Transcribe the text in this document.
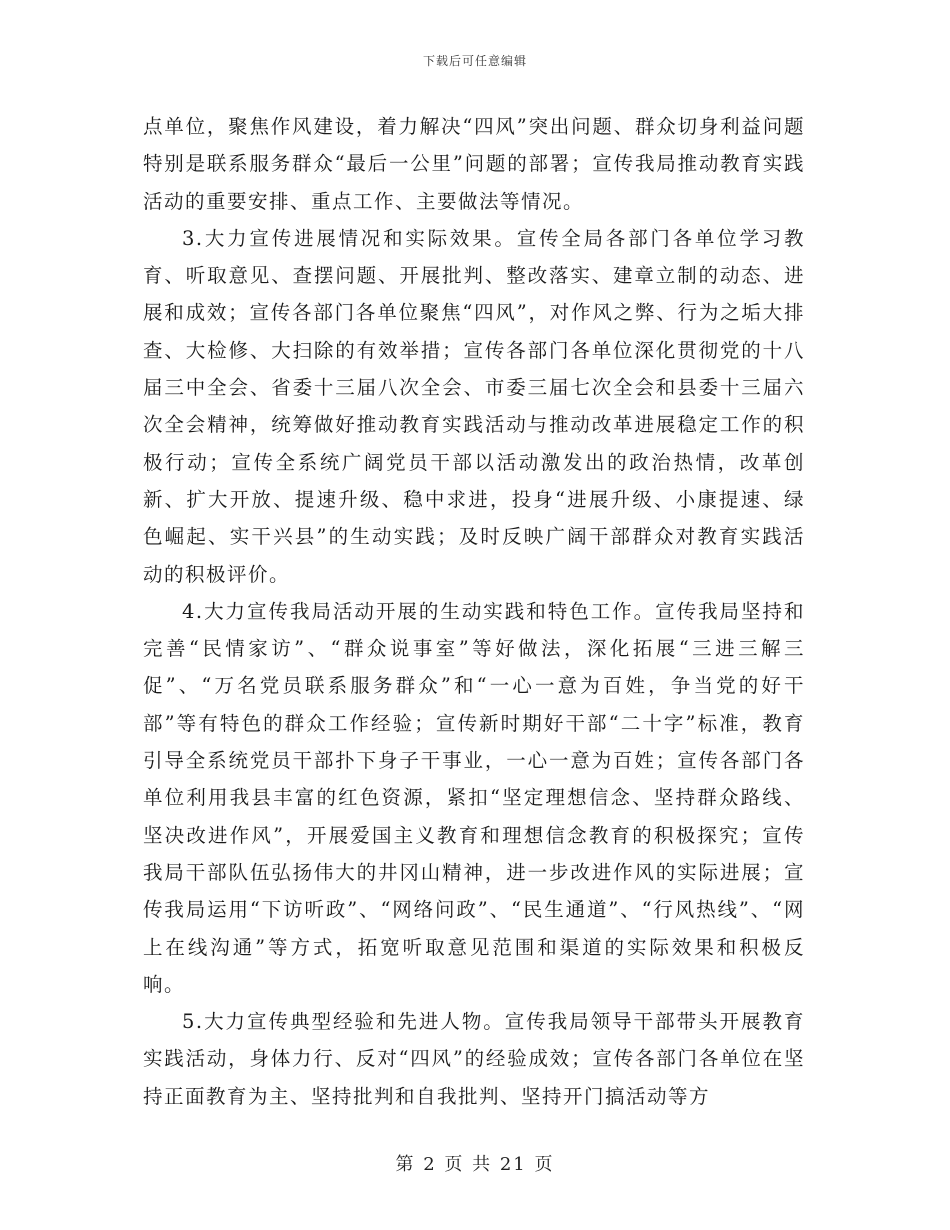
下载后可任意编辑

点单位，聚焦作风建设，着力解决“四风”突出问题、群众切身利益问题特别是联系服务群众“最后一公里”问题的部署；宣传我局推动教育实践活动的重要安排、重点工作、主要做法等情况。

3.大力宣传进展情况和实际效果。宣传全局各部门各单位学习教育、听取意见、查摆问题、开展批判、整改落实、建章立制的动态、进展和成效；宣传各部门各单位聚焦“四风”，对作风之弊、行为之垢大排查、大检修、大扫除的有效举措；宣传各部门各单位深化贯彻党的十八届三中全会、省委十三届八次全会、市委三届七次全会和县委十三届六次全会精神，统筹做好推动教育实践活动与推动改革进展稳定工作的积极行动；宣传全系统广阔党员干部以活动激发出的政治热情，改革创新、扩大开放、提速升级、稳中求进，投身“进展升级、小康提速、绿色崛起、实干兴县”的生动实践；及时反映广阔干部群众对教育实践活动的积极评价。

4.大力宣传我局活动开展的生动实践和特色工作。宣传我局坚持和完善“民情家访”、“群众说事室”等好做法，深化拓展“三进三解三促”、“万名党员联系服务群众”和“一心一意为百姓，争当党的好干部”等有特色的群众工作经验；宣传新时期好干部“二十字”标准，教育引导全系统党员干部扑下身子干事业，一心一意为百姓；宣传各部门各单位利用我县丰富的红色资源，紧扣“坚定理想信念、坚持群众路线、坚决改进作风”，开展爱国主义教育和理想信念教育的积极探究；宣传我局干部队伍弘扬伟大的井冈山精神，进一步改进作风的实际进展；宣传我局运用“下访听政”、“网络问政”、“民生通道”、“行风热线”、“网上在线沟通”等方式，拓宽听取意见范围和渠道的实际效果和积极反响。

5.大力宣传典型经验和先进人物。宣传我局领导干部带头开展教育实践活动，身体力行、反对“四风”的经验成效；宣传各部门各单位在坚持正面教育为主、坚持批判和自我批判、坚持开门搞活动等方

第 2 页 共 21 页
